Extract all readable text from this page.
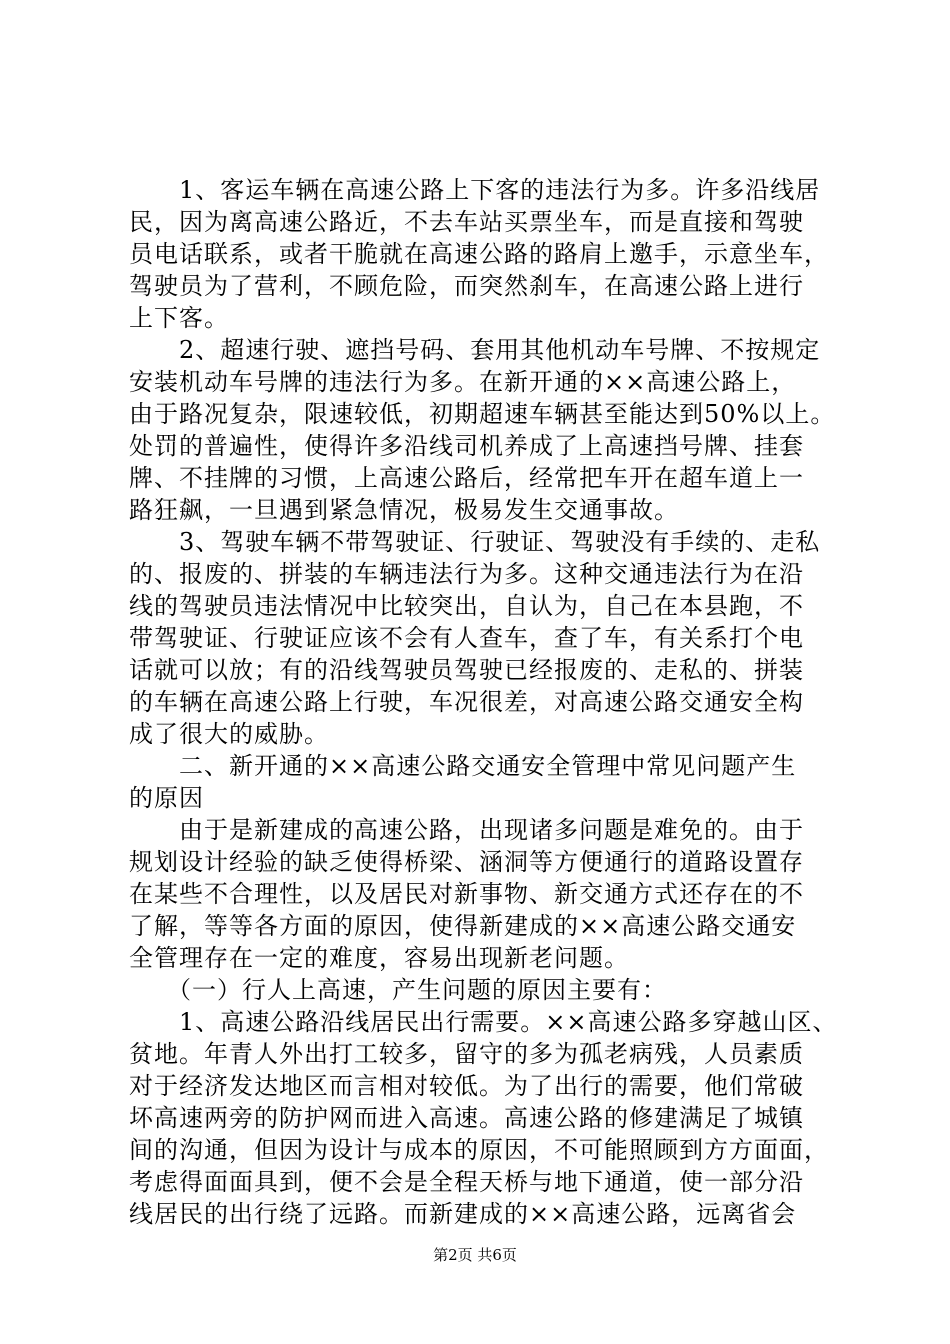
　　1、客运车辆在高速公路上下客的违法行为多。许多沿线居
民，因为离高速公路近，不去车站买票坐车，而是直接和驾驶
员电话联系，或者干脆就在高速公路的路肩上邀手，示意坐车，
驾驶员为了营利，不顾危险，而突然刹车，在高速公路上进行
上下客。
　　2、超速行驶、遮挡号码、套用其他机动车号牌、不按规定
安装机动车号牌的违法行为多。在新开通的××高速公路上，
由于路况复杂，限速较低，初期超速车辆甚至能达到50%以上。
处罚的普遍性，使得许多沿线司机养成了上高速挡号牌、挂套
牌、不挂牌的习惯，上高速公路后，经常把车开在超车道上一
路狂飙，一旦遇到紧急情况，极易发生交通事故。
　　3、驾驶车辆不带驾驶证、行驶证、驾驶没有手续的、走私
的、报废的、拼装的车辆违法行为多。这种交通违法行为在沿
线的驾驶员违法情况中比较突出，自认为，自己在本县跑，不
带驾驶证、行驶证应该不会有人查车，查了车，有关系打个电
话就可以放；有的沿线驾驶员驾驶已经报废的、走私的、拼装
的车辆在高速公路上行驶，车况很差，对高速公路交通安全构
成了很大的威胁。
　　二、新开通的××高速公路交通安全管理中常见问题产生
的原因
　　由于是新建成的高速公路，出现诸多问题是难免的。由于
规划设计经验的缺乏使得桥梁、涵洞等方便通行的道路设置存
在某些不合理性，以及居民对新事物、新交通方式还存在的不
了解，等等各方面的原因，使得新建成的××高速公路交通安
全管理存在一定的难度，容易出现新老问题。
　　（一）行人上高速，产生问题的原因主要有：
　　1、高速公路沿线居民出行需要。××高速公路多穿越山区、
贫地。年青人外出打工较多，留守的多为孤老病残，人员素质
对于经济发达地区而言相对较低。为了出行的需要，他们常破
坏高速两旁的防护网而进入高速。高速公路的修建满足了城镇
间的沟通，但因为设计与成本的原因，不可能照顾到方方面面，
考虑得面面具到，便不会是全程天桥与地下通道，使一部分沿
线居民的出行绕了远路。而新建成的××高速公路，远离省会
第2页 共6页
